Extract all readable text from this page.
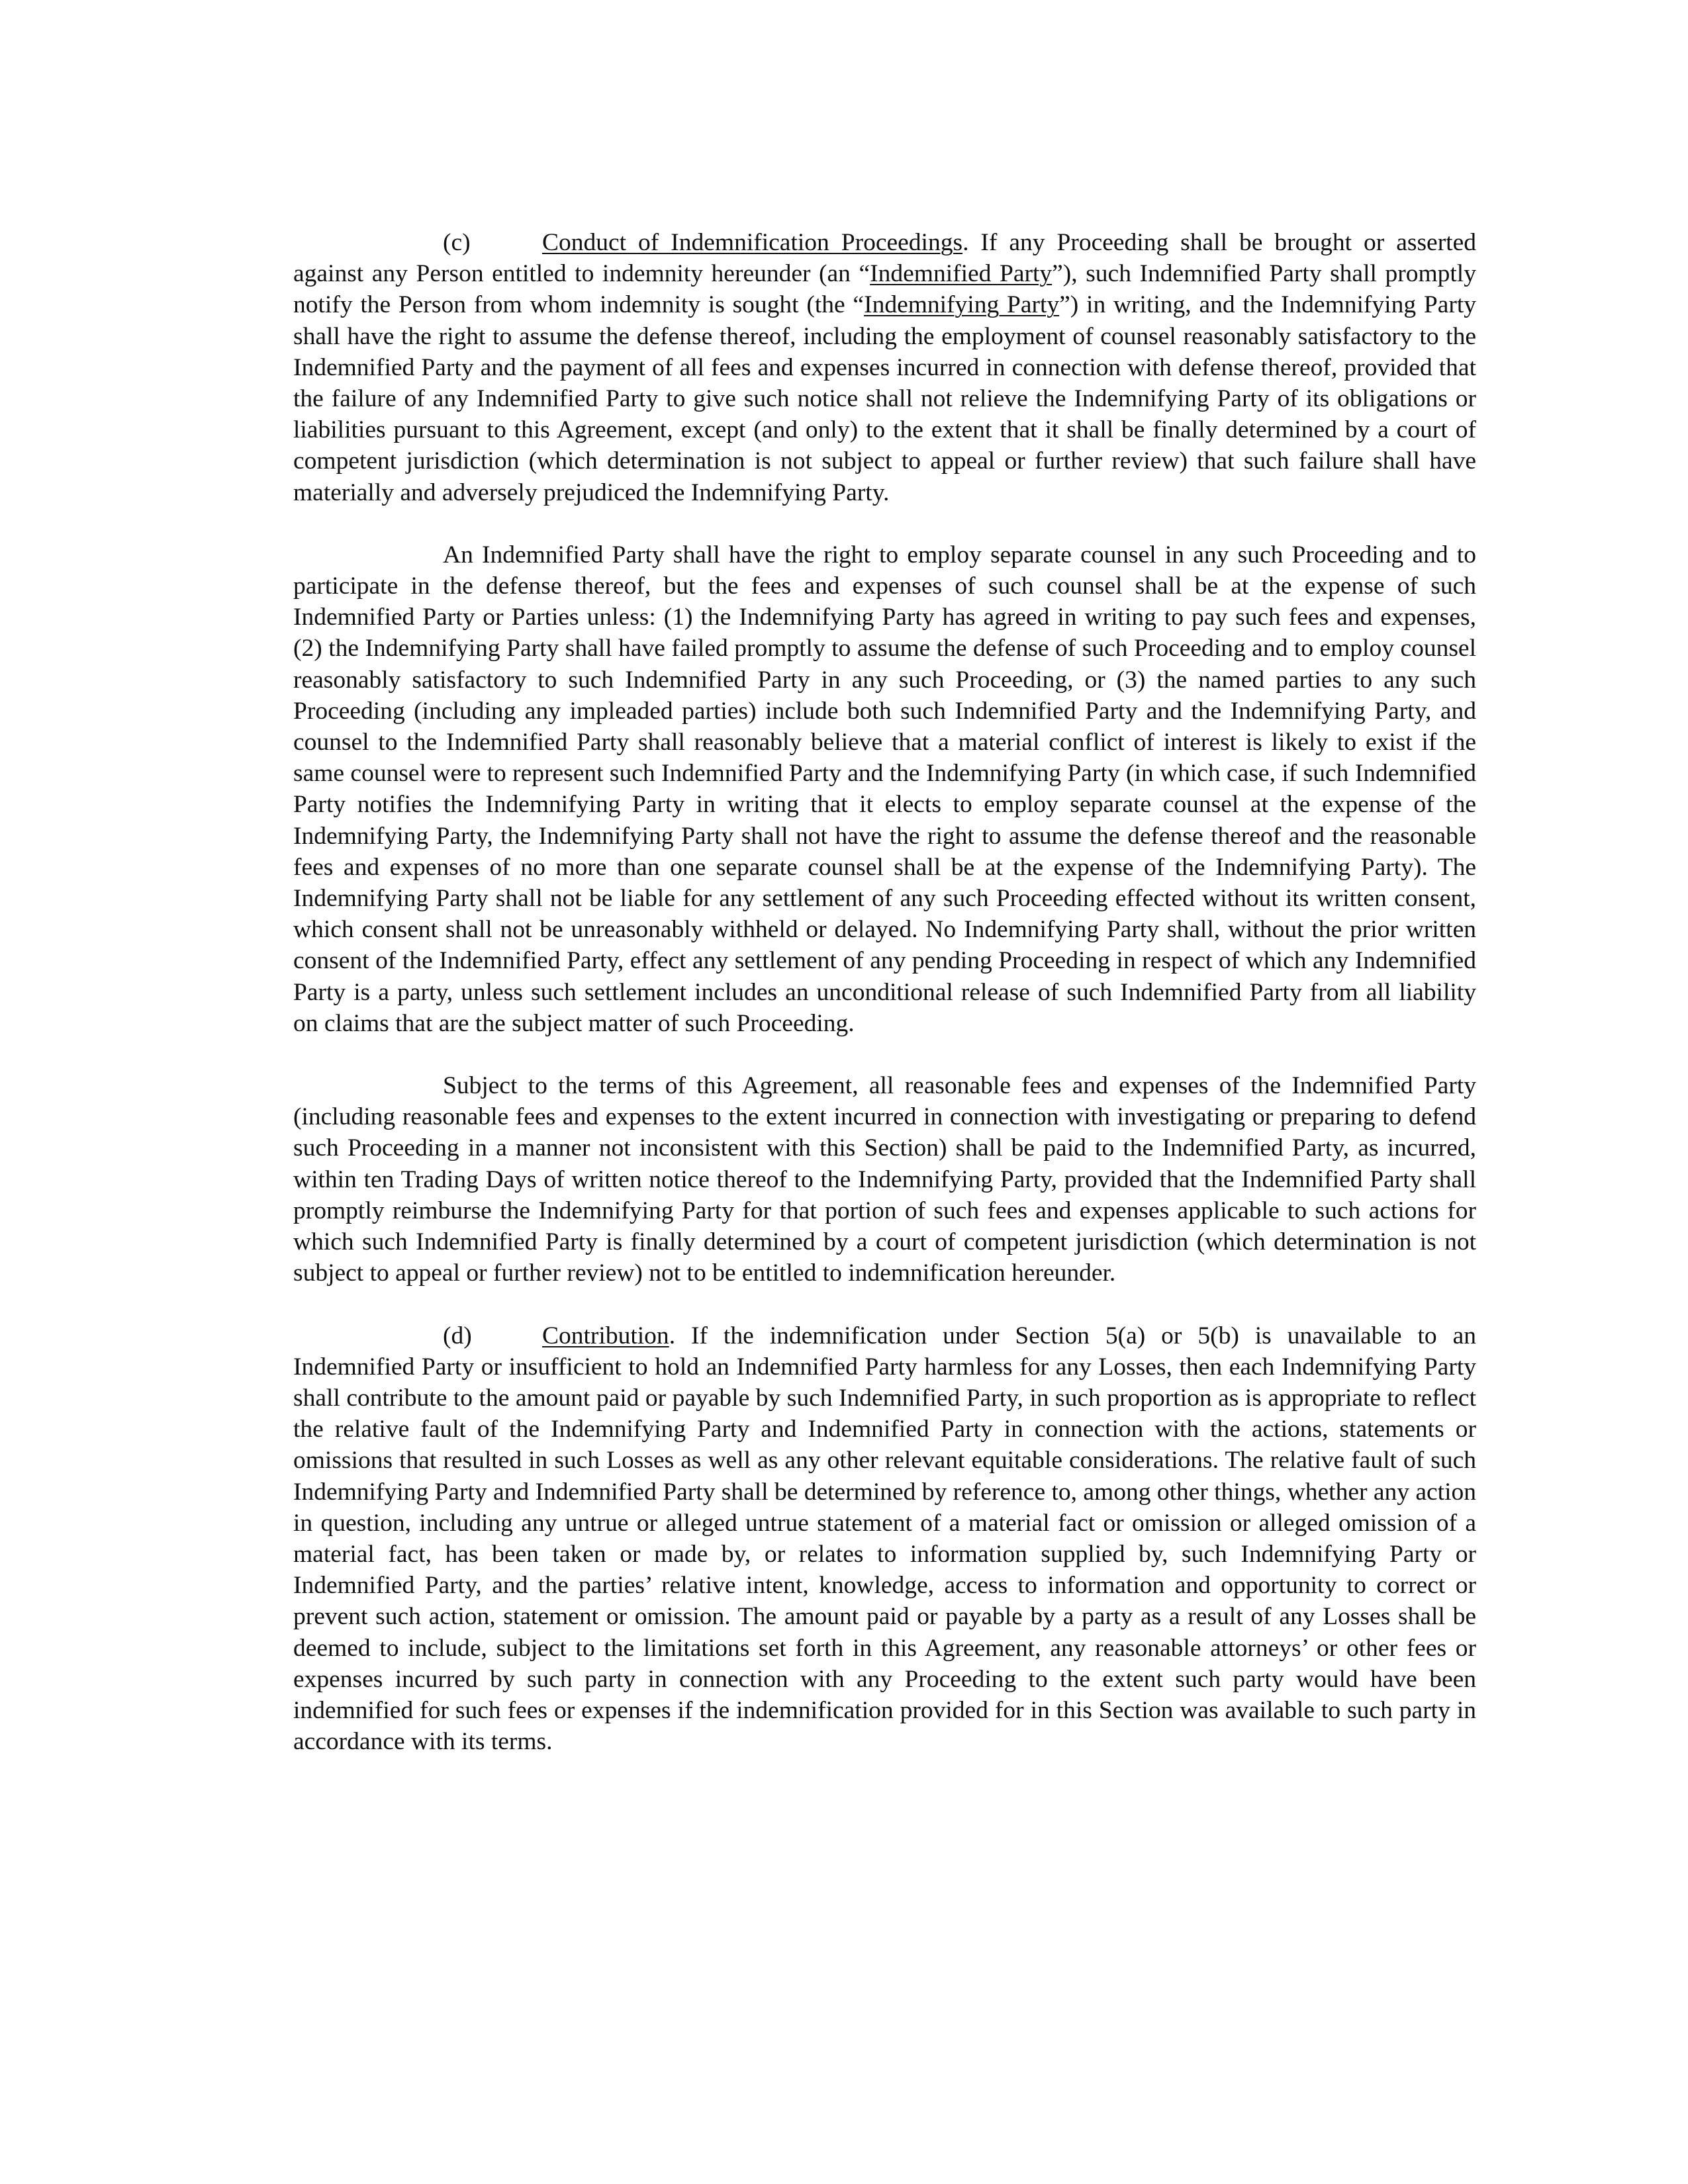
(c)	Conduct of Indemnification Proceedings. If any Proceeding shall be brought or asserted against any Person entitled to indemnity hereunder (an “Indemnified Party”), such Indemnified Party shall promptly notify the Person from whom indemnity is sought (the “Indemnifying Party”) in writing, and the Indemnifying Party shall have the right to assume the defense thereof, including the employment of counsel reasonably satisfactory to the Indemnified Party and the payment of all fees and expenses incurred in connection with defense thereof, provided that the failure of any Indemnified Party to give such notice shall not relieve the Indemnifying Party of its obligations or liabilities pursuant to this Agreement, except (and only) to the extent that it shall be finally determined by a court of competent jurisdiction (which determination is not subject to appeal or further review) that such failure shall have materially and adversely prejudiced the Indemnifying Party.

An Indemnified Party shall have the right to employ separate counsel in any such Proceeding and to participate in the defense thereof, but the fees and expenses of such counsel shall be at the expense of such Indemnified Party or Parties unless: (1) the Indemnifying Party has agreed in writing to pay such fees and expenses, (2) the Indemnifying Party shall have failed promptly to assume the defense of such Proceeding and to employ counsel reasonably satisfactory to such Indemnified Party in any such Proceeding, or (3) the named parties to any such Proceeding (including any impleaded parties) include both such Indemnified Party and the Indemnifying Party, and counsel to the Indemnified Party shall reasonably believe that a material conflict of interest is likely to exist if the same counsel were to represent such Indemnified Party and the Indemnifying Party (in which case, if such Indemnified Party notifies the Indemnifying Party in writing that it elects to employ separate counsel at the expense of the Indemnifying Party, the Indemnifying Party shall not have the right to assume the defense thereof and the reasonable fees and expenses of no more than one separate counsel shall be at the expense of the Indemnifying Party). The Indemnifying Party shall not be liable for any settlement of any such Proceeding effected without its written consent, which consent shall not be unreasonably withheld or delayed. No Indemnifying Party shall, without the prior written consent of the Indemnified Party, effect any settlement of any pending Proceeding in respect of which any Indemnified Party is a party, unless such settlement includes an unconditional release of such Indemnified Party from all liability on claims that are the subject matter of such Proceeding.

Subject to the terms of this Agreement, all reasonable fees and expenses of the Indemnified Party (including reasonable fees and expenses to the extent incurred in connection with investigating or preparing to defend such Proceeding in a manner not inconsistent with this Section) shall be paid to the Indemnified Party, as incurred, within ten Trading Days of written notice thereof to the Indemnifying Party, provided that the Indemnified Party shall promptly reimburse the Indemnifying Party for that portion of such fees and expenses applicable to such actions for which such Indemnified Party is finally determined by a court of competent jurisdiction (which determination is not subject to appeal or further review) not to be entitled to indemnification hereunder.

(d)	Contribution. If the indemnification under Section 5(a) or 5(b) is unavailable to an Indemnified Party or insufficient to hold an Indemnified Party harmless for any Losses, then each Indemnifying Party shall contribute to the amount paid or payable by such Indemnified Party, in such proportion as is appropriate to reflect the relative fault of the Indemnifying Party and Indemnified Party in connection with the actions, statements or omissions that resulted in such Losses as well as any other relevant equitable considerations. The relative fault of such Indemnifying Party and Indemnified Party shall be determined by reference to, among other things, whether any action in question, including any untrue or alleged untrue statement of a material fact or omission or alleged omission of a material fact, has been taken or made by, or relates to information supplied by, such Indemnifying Party or Indemnified Party, and the parties’ relative intent, knowledge, access to information and opportunity to correct or prevent such action, statement or omission. The amount paid or payable by a party as a result of any Losses shall be deemed to include, subject to the limitations set forth in this Agreement, any reasonable attorneys’ or other fees or expenses incurred by such party in connection with any Proceeding to the extent such party would have been indemnified for such fees or expenses if the indemnification provided for in this Section was available to such party in accordance with its terms.
